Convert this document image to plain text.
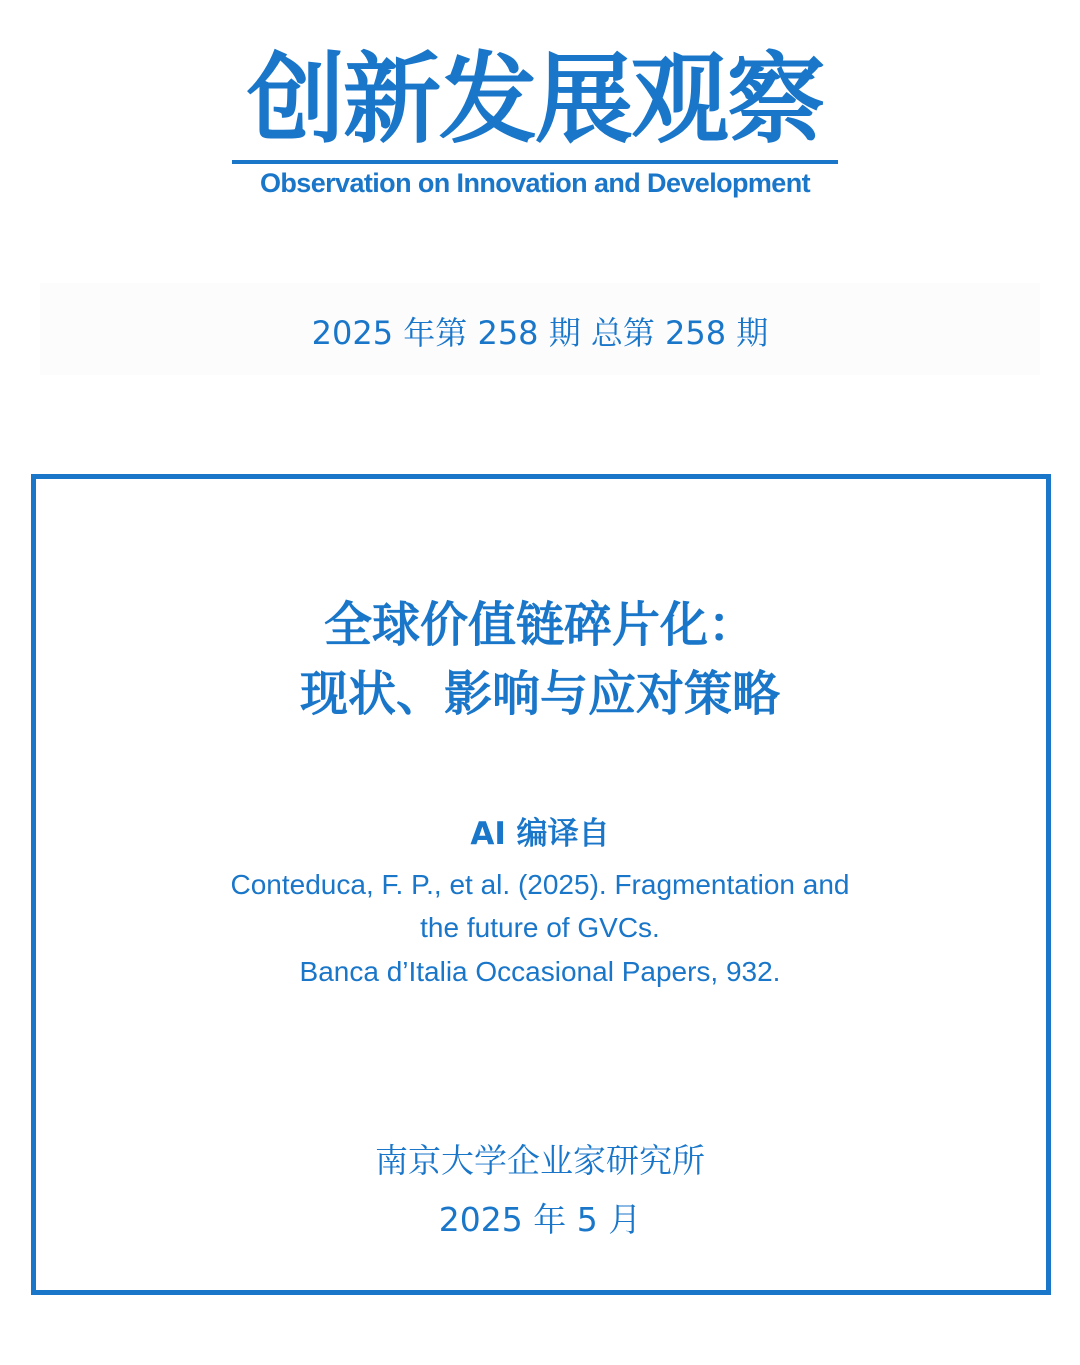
创新发展观察
Observation on Innovation and Development
2025 年第 258 期 总第 258 期
全球价值链碎片化：
现状、影响与应对策略
AI 编译自
Conteduca, F. P., et al. (2025). Fragmentation and
the future of GVCs.
Banca d’Italia Occasional Papers, 932.
南京大学企业家研究所
2025 年 5 月
